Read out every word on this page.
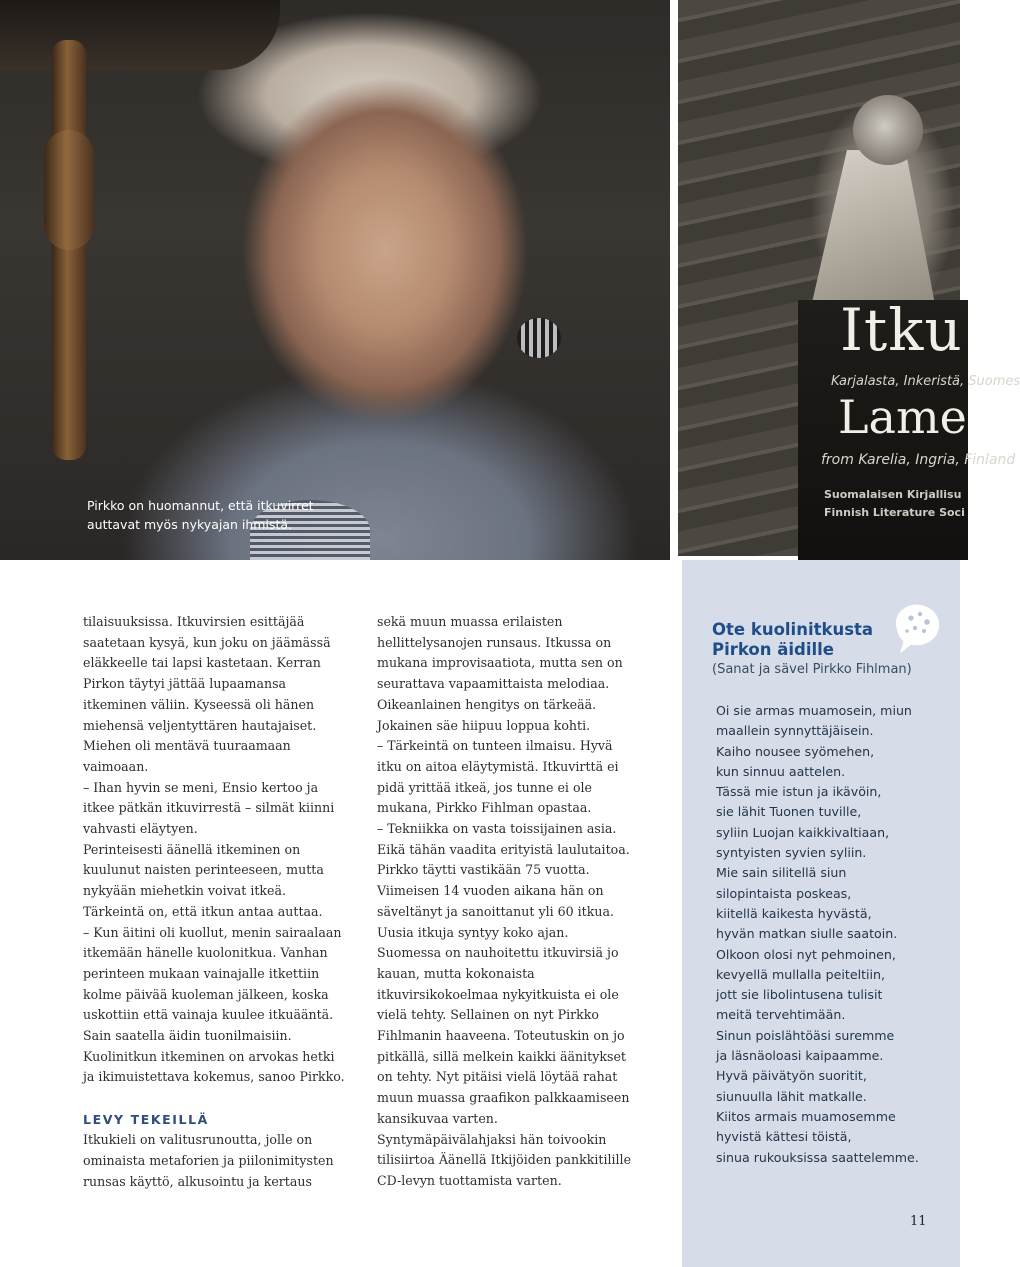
Pirkko on huomannut, että itkuvirret auttavat myös nykyajan ihmistä.
Itku
Karjalasta, Inkeristä, Suomes
Lame
from Karelia, Ingria, Finland
Suomalaisen Kirjallisu
Finnish Literature Soci

tilaisuuksissa. Itkuvirsien esittäjää saatetaan kysyä, kun joku on jäämässä eläkkeelle tai lapsi kastetaan. Kerran Pirkon täytyi jättää lupaamansa itkeminen väliin. Kyseessä oli hänen miehensä veljentyttären hautajaiset. Miehen oli mentävä tuuraamaan vaimoaan.

– Ihan hyvin se meni, Ensio kertoo ja itkee pätkän itkuvirrestä – silmät kiinni vahvasti eläytyen.

Perinteisesti äänellä itkeminen on kuulunut naisten perinteeseen, mutta nykyään miehetkin voivat itkeä. Tärkeintä on, että itkun antaa auttaa.

– Kun äitini oli kuollut, menin sairaalaan itkemään hänelle kuolonitkua. Vanhan perinteen mukaan vainajalle itkettiin kolme päivää kuoleman jälkeen, koska uskottiin että vainaja kuulee itkuääntä. Sain saatella äidin tuonilmaisiin. Kuolinitkun itkeminen on arvokas hetki ja ikimuistettava kokemus, sanoo Pirkko.

LEVY TEKEILLÄ

Itkukieli on valitusrunoutta, jolle on ominaista metaforien ja piilonimitysten runsas käyttö, alkusointu ja kertaus

sekä muun muassa erilaisten hellittelysanojen runsaus. Itkussa on mukana improvisaatiota, mutta sen on seurattava vapaamittaista melodiaa. Oikeanlainen hengitys on tärkeää. Jokainen säe hiipuu loppua kohti.

– Tärkeintä on tunteen ilmaisu. Hyvä itku on aitoa eläytymistä. Itkuvirttä ei pidä yrittää itkeä, jos tunne ei ole mukana, Pirkko Fihlman opastaa.

– Tekniikka on vasta toissijainen asia. Eikä tähän vaadita erityistä laulutaitoa.

Pirkko täytti vastikään 75 vuotta. Viimeisen 14 vuoden aikana hän on säveltänyt ja sanoittanut yli 60 itkua. Uusia itkuja syntyy koko ajan.

Suomessa on nauhoitettu itkuvirsiä jo kauan, mutta kokonaista itkuvirsikokoelmaa nykyitkuista ei ole vielä tehty. Sellainen on nyt Pirkko Fihlmanin haaveena. Toteutuskin on jo pitkällä, sillä melkein kaikki äänitykset on tehty. Nyt pitäisi vielä löytää rahat muun muassa graafikon palkkaamiseen kansikuvaa varten.

Syntymäpäivälahjaksi hän toivookin tilisiirtoa Äänellä Itkijöiden pankkitilille CD-levyn tuottamista varten.

Ote kuolinitkusta Pirkon äidille
(Sanat ja sävel Pirkko Fihlman)
Oi sie armas muamosein, miun
maallein synnyttäjäisein.
Kaiho nousee syömehen,
kun sinnuu aattelen.
Tässä mie istun ja ikävöin,
sie lähit Tuonen tuville,
syliin Luojan kaikkivaltiaan,
syntyisten syvien syliin.
Mie sain silitellä siun
silopintaista poskeas,
kiitellä kaikesta hyvästä,
hyvän matkan siulle saatoin.
Olkoon olosi nyt pehmoinen,
kevyellä mullalla peiteltiin,
jott sie libolintusena tulisit
meitä tervehtimään.
Sinun poislähtöäsi suremme
ja läsnäoloasi kaipaamme.
Hyvä päivätyön suoritit,
siunuulla lähit matkalle.
Kiitos armais muamosemme
hyvistä kättesi töistä,
sinua rukouksissa saattelemme.
11
